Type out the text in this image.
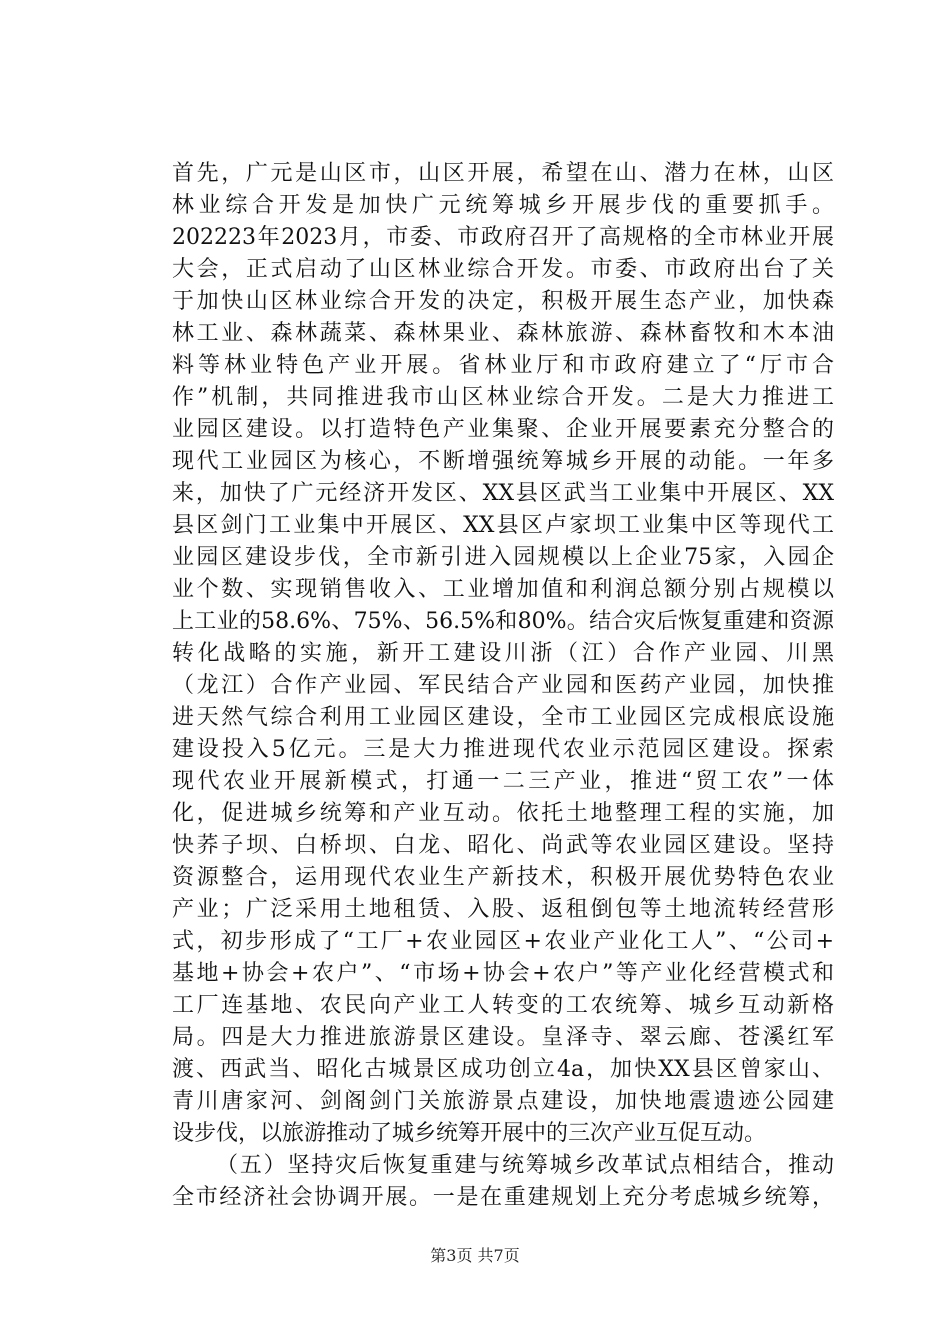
首先，广元是山区市，山区开展，希望在山、潜力在林，山区
林业综合开发是加快广元统筹城乡开展步伐的重要抓手。
202223年2023月，市委、市政府召开了高规格的全市林业开展
大会，正式启动了山区林业综合开发。市委、市政府出台了关
于加快山区林业综合开发的决定，积极开展生态产业，加快森
林工业、森林蔬菜、森林果业、森林旅游、森林畜牧和木本油
料等林业特色产业开展。省林业厅和市政府建立了“厅市合
作”机制，共同推进我市山区林业综合开发。二是大力推进工
业园区建设。以打造特色产业集聚、企业开展要素充分整合的
现代工业园区为核心，不断增强统筹城乡开展的动能。一年多
来，加快了广元经济开发区、XX县区武当工业集中开展区、XX
县区剑门工业集中开展区、XX县区卢家坝工业集中区等现代工
业园区建设步伐，全市新引进入园规模以上企业75家，入园企
业个数、实现销售收入、工业增加值和利润总额分别占规模以
上工业的58.6%、75%、56.5%和80%。结合灾后恢复重建和资源
转化战略的实施，新开工建设川浙（江）合作产业园、川黑
（龙江）合作产业园、军民结合产业园和医药产业园，加快推
进天然气综合利用工业园区建设，全市工业园区完成根底设施
建设投入5亿元。三是大力推进现代农业示范园区建设。探索
现代农业开展新模式，打通一二三产业，推进“贸工农”一体
化，促进城乡统筹和产业互动。依托土地整理工程的实施，加
快荞子坝、白桥坝、白龙、昭化、尚武等农业园区建设。坚持
资源整合，运用现代农业生产新技术，积极开展优势特色农业
产业；广泛采用土地租赁、入股、返租倒包等土地流转经营形
式，初步形成了“工厂+农业园区+农业产业化工人”、“公司+
基地+协会+农户”、“市场+协会+农户”等产业化经营模式和
工厂连基地、农民向产业工人转变的工农统筹、城乡互动新格
局。四是大力推进旅游景区建设。皇泽寺、翠云廊、苍溪红军
渡、西武当、昭化古城景区成功创立4a，加快XX县区曾家山、
青川唐家河、剑阁剑门关旅游景点建设，加快地震遗迹公园建
设步伐，以旅游推动了城乡统筹开展中的三次产业互促互动。
（五）坚持灾后恢复重建与统筹城乡改革试点相结合，推动
全市经济社会协调开展。一是在重建规划上充分考虑城乡统筹，
第3页 共7页
